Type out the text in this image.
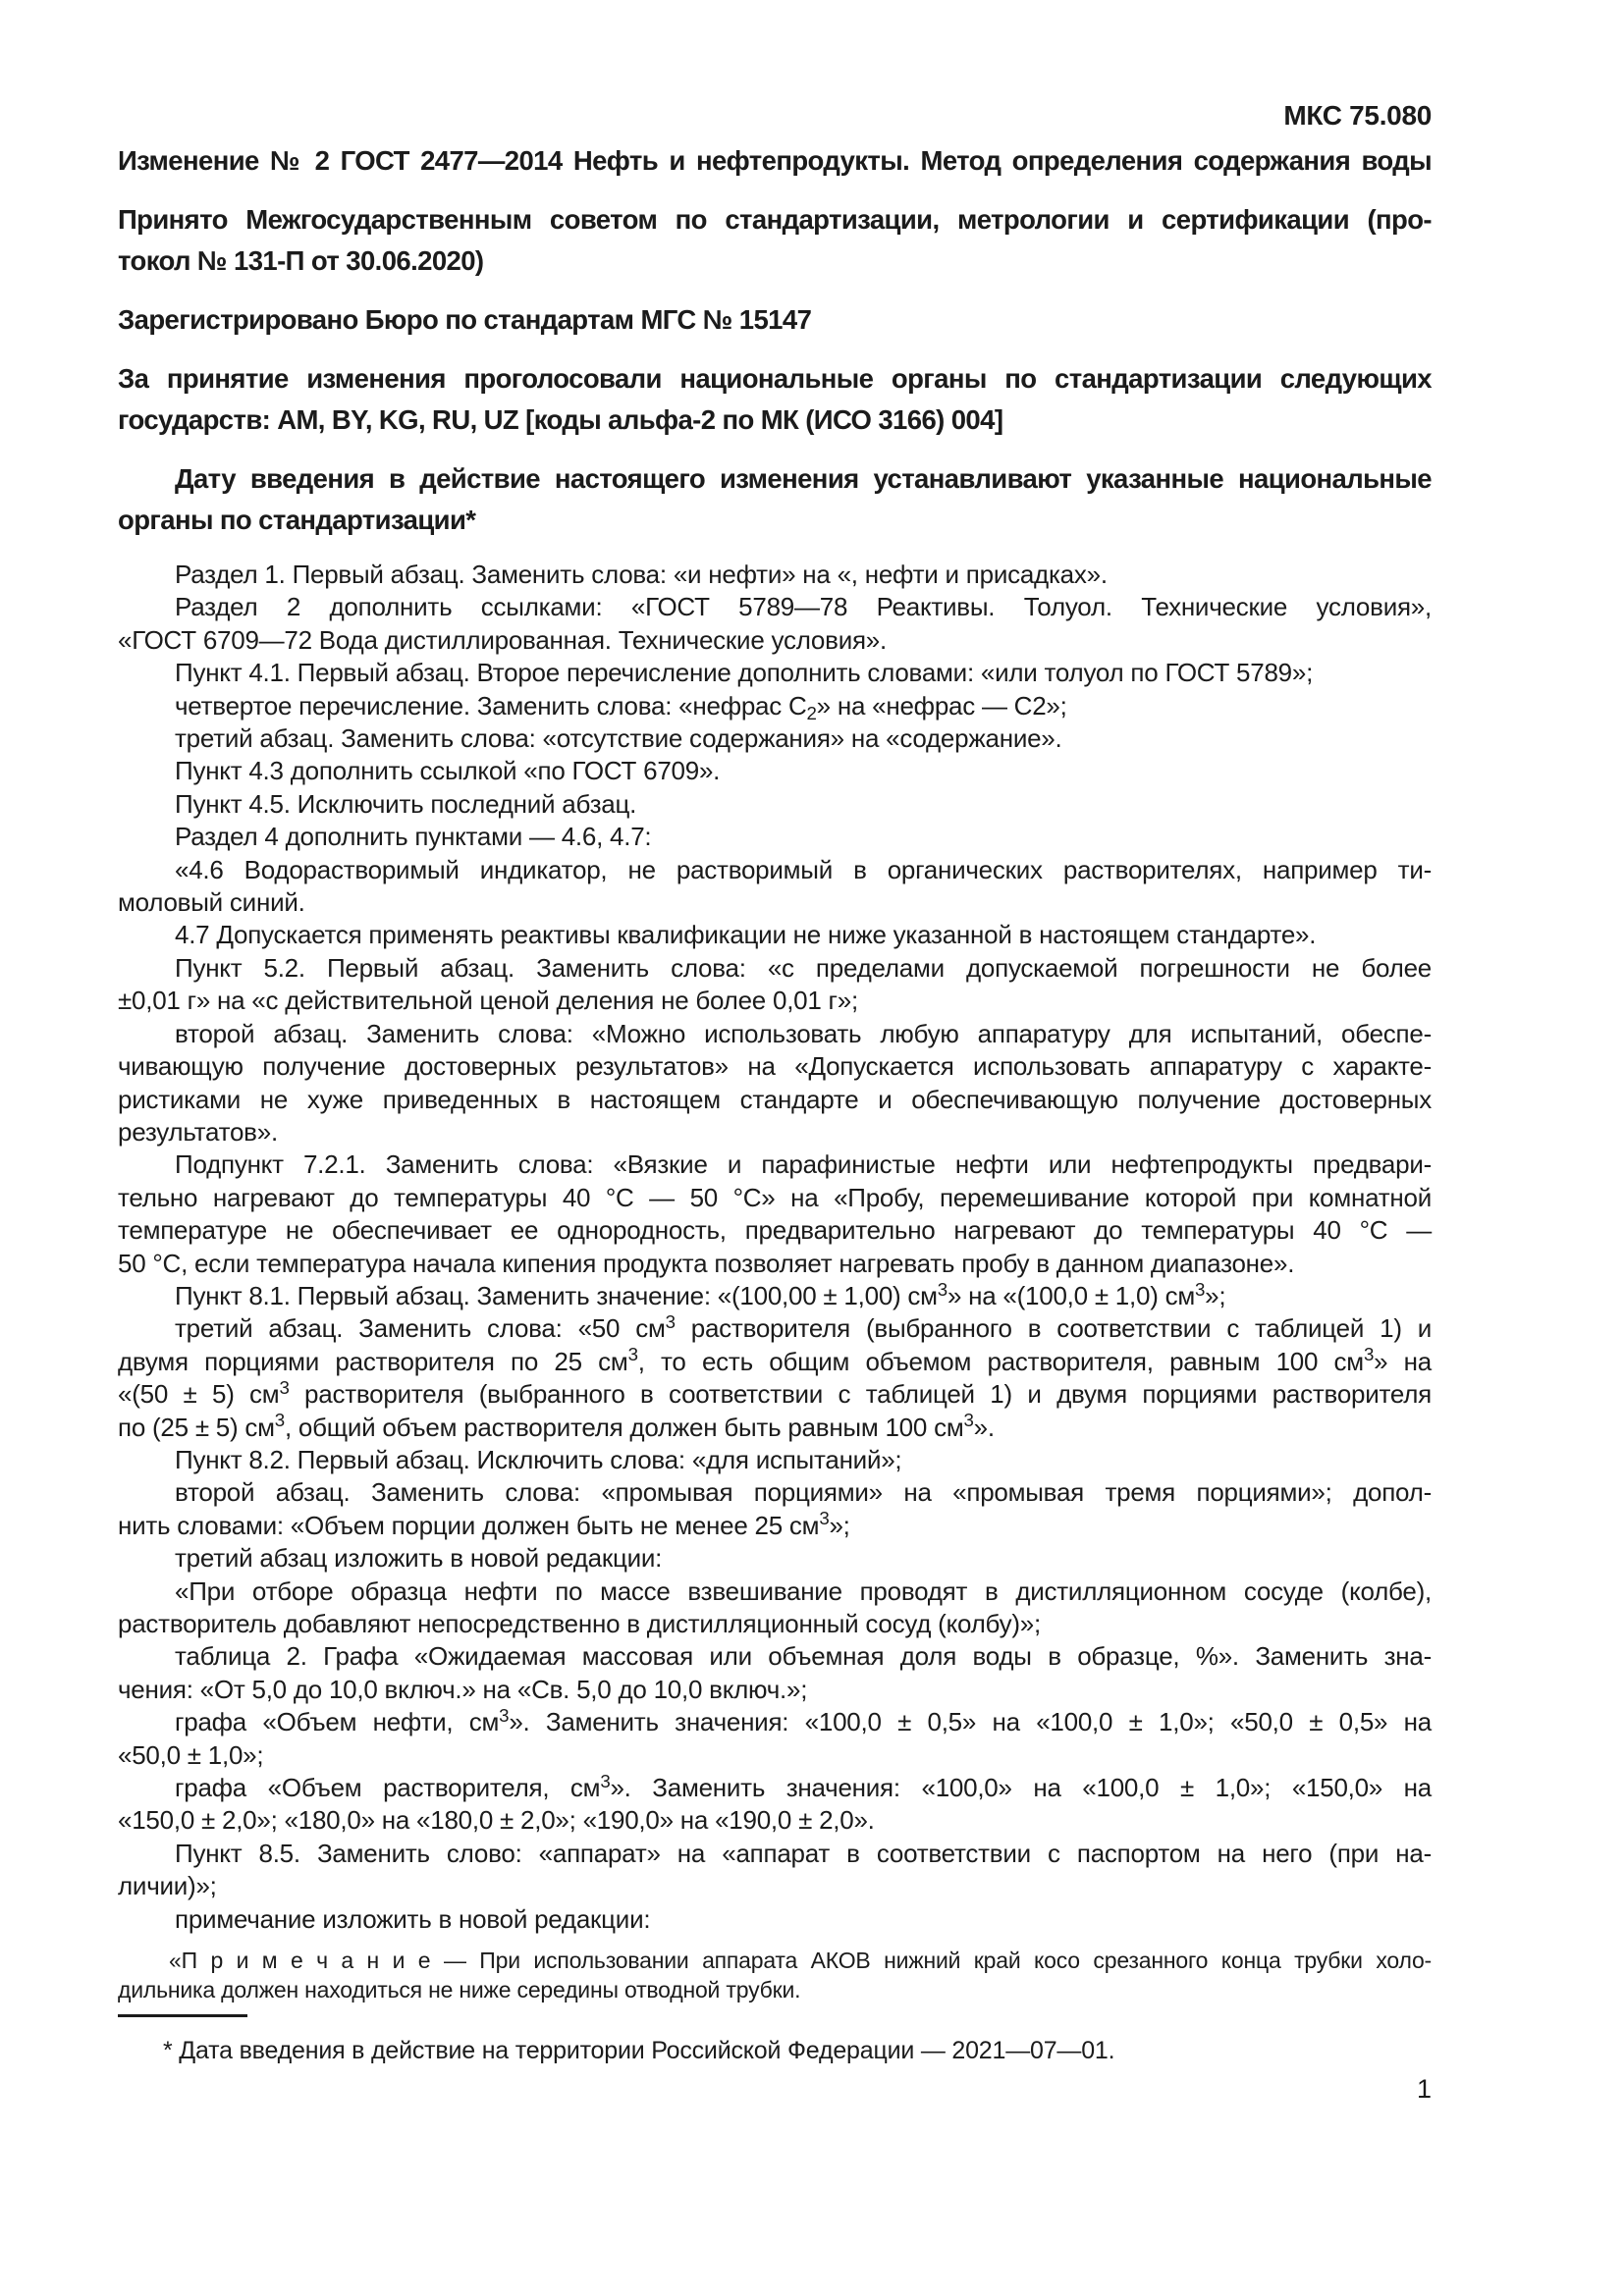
МКС 75.080
Изменение № 2 ГОСТ 2477—2014 Нефть и нефтепродукты. Метод определения содержания воды
Принято Межгосударственным советом по стандартизации, метрологии и сертификации (про-
токол № 131-П от 30.06.2020)
Зарегистрировано Бюро по стандартам МГС № 15147
За принятие изменения проголосовали национальные органы по стандартизации следующих
государств: AM, BY, KG, RU, UZ [коды альфа-2 по МК (ИСО 3166) 004]
Дату введения в действие настоящего изменения устанавливают указанные национальные
органы по стандартизации*
Раздел 1. Первый абзац. Заменить слова: «и нефти» на «, нефти и присадках».
Раздел 2 дополнить ссылками: «ГОСТ 5789—78 Реактивы. Толуол. Технические условия»,
«ГОСТ 6709—72 Вода дистиллированная. Технические условия».
Пункт 4.1. Первый абзац. Второе перечисление дополнить словами: «или толуол по ГОСТ 5789»;
четвертое перечисление. Заменить слова: «нефрас $С_2$» на «нефрас — С2»;
третий абзац. Заменить слова: «отсутствие содержания» на «содержание».
Пункт 4.3 дополнить ссылкой «по ГОСТ 6709».
Пункт 4.5. Исключить последний абзац.
Раздел 4 дополнить пунктами — 4.6, 4.7:
«4.6 Водорастворимый индикатор, не растворимый в органических растворителях, например ти-
моловый синий.
4.7 Допускается применять реактивы квалификации не ниже указанной в настоящем стандарте».
Пункт 5.2. Первый абзац. Заменить слова: «с пределами допускаемой погрешности не более
±0,01 г» на «с действительной ценой деления не более 0,01 г»;
второй абзац. Заменить слова: «Можно использовать любую аппаратуру для испытаний, обеспе-
чивающую получение достоверных результатов» на «Допускается использовать аппаратуру с характе-
ристиками не хуже приведенных в настоящем стандарте и обеспечивающую получение достоверных
результатов».
Подпункт 7.2.1. Заменить слова: «Вязкие и парафинистые нефти или нефтепродукты предвари-
тельно нагревают до температуры 40 °С — 50 °С» на «Пробу, перемешивание которой при комнатной
температуре не обеспечивает ее однородность, предварительно нагревают до температуры 40 °С —
50 °С, если температура начала кипения продукта позволяет нагревать пробу в данном диапазоне».
Пункт 8.1. Первый абзац. Заменить значение: «(100,00 ± 1,00) $см^3$» на «(100,0 ± 1,0) $см^3$»;
третий абзац. Заменить слова: «50 $см^3$ растворителя (выбранного в соответствии с таблицей 1) и
двумя порциями растворителя по 25 $см^3$, то есть общим объемом растворителя, равным 100 $см^3$» на
«(50 ± 5) $см^3$ растворителя (выбранного в соответствии с таблицей 1) и двумя порциями растворителя
по (25 ± 5) $см^3$, общий объем растворителя должен быть равным 100 $см^3$».
Пункт 8.2. Первый абзац. Исключить слова: «для испытаний»;
второй абзац. Заменить слова: «промывая порциями» на «промывая тремя порциями»; допол-
нить словами: «Объем порции должен быть не менее 25 $см^3$»;
третий абзац изложить в новой редакции:
«При отборе образца нефти по массе взвешивание проводят в дистилляционном сосуде (колбе),
растворитель добавляют непосредственно в дистилляционный сосуд (колбу)»;
таблица 2. Графа «Ожидаемая массовая или объемная доля воды в образце, %». Заменить зна-
чения: «От 5,0 до 10,0 включ.» на «Св. 5,0 до 10,0 включ.»;
графа «Объем нефти, $см^3$». Заменить значения: «100,0 ± 0,5» на «100,0 ± 1,0»; «50,0 ± 0,5» на
«50,0 ± 1,0»;
графа «Объем растворителя, $см^3$». Заменить значения: «100,0» на «100,0 ± 1,0»; «150,0» на
«150,0 ± 2,0»; «180,0» на «180,0 ± 2,0»; «190,0» на «190,0 ± 2,0».
Пункт 8.5. Заменить слово: «аппарат» на «аппарат в соответствии с паспортом на него (при на-
личии)»;
примечание изложить в новой редакции:
«П р и м е ч а н и е — При использовании аппарата АКОВ нижний край косо срезанного конца трубки холо-
дильника должен находиться не ниже середины отводной трубки.
* Дата введения в действие на территории Российской Федерации — 2021—07—01.
1
